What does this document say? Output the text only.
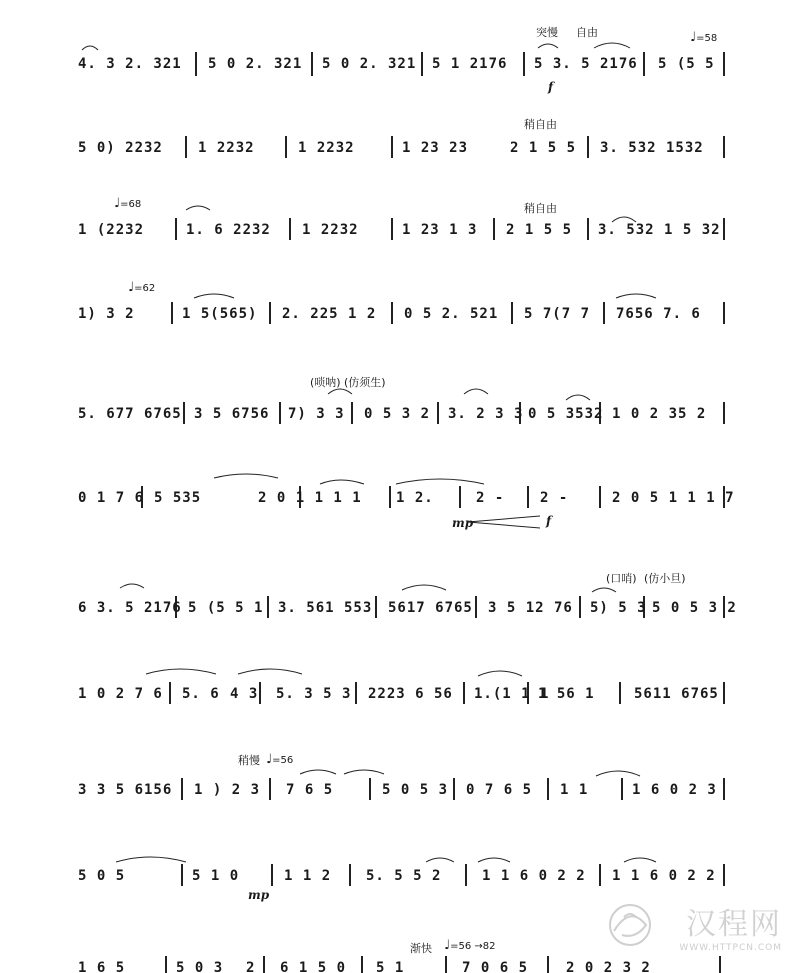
突慢 自由	♩=58
稍自由
♩=68	稍自由
♩=62
(唢呐) (仿须生)
(口哨) (仿小旦)
稍慢 ♩=56
渐快 ♩=56 →82
f
mp	f
mp
4. 3 2. 321 5 0 2. 321 5 0 2. 321 5 1 2176 5 3. 5 2176 5 (5 5
5 0) 2232	1 2232	1 2232	1 23 23	2 1 5 5 3. 532 1532
1 (2232	1. 6 2232 1 2232	1 23 1 3 2 1 5 5 3. 532 1 5 32
1) 3 2	1 5(565) 2. 225 1 2 0 5 2. 521 5 7(7 7 7656 7. 6
5. 677 6765 3 5 6756 7) 3 3 0 5 3 2 3. 2 3 3 0 5 3532 1 0 2 35 2
0 1 7 6 5 535	2 0 1 1 1 1 1 2.	2 -	2 -	2 0 5 1 1 1 7
6 3. 5 2176 5 (5 5 1 3. 561 553 5617 6765 3 5 12 76 5) 5 3 5 0 5 3 2
1 0 2 7 6 5. 6 4 3 5. 3 5 3 2223 6 56 1.(1 1 1
1 56 1	5611 6765
3 3 5 6156 1 ) 2 3 7 6 5	5 0 5 3 0 7 6 5 1 1	1 6 0 2 3
5 0 5	5 1 0	1 1 2 5. 5 5 2	1 1 6 0 2 2 1 1 6 0 2 2
1 6 5	5 0 3 2 6 1 5 0 5 1	7 0 6 5	2 0 2 3 2
汉程网
WWW.HTTPCN.COM
